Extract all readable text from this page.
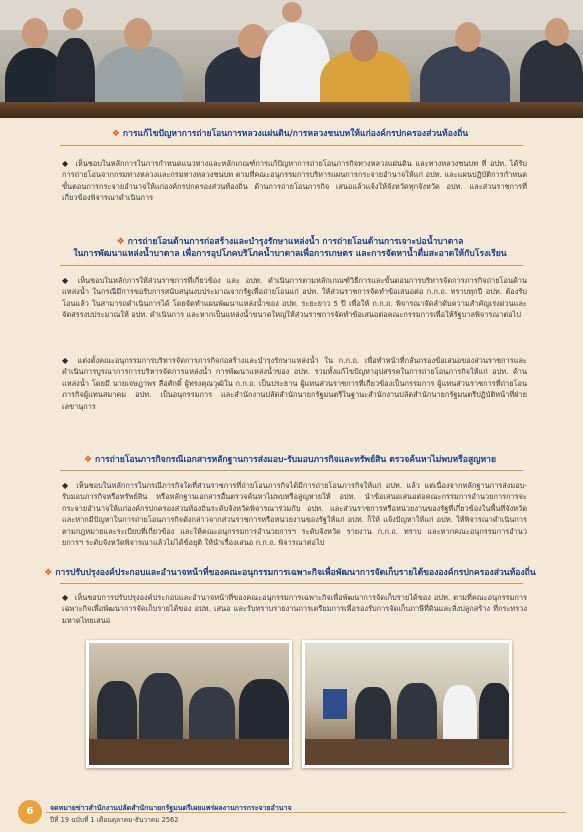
❖ การแก้ไขปัญหาการถ่ายโอนการหลวงแผ่นดิน/การหลวงชนบทให้แก่องค์กรปกครองส่วนท้องถิ่น
◆ เห็นชอบในหลักการในการกำหนดแนวทางและหลักเกณฑ์การแก้ปัญหาการถ่ายโอนภารกิจทางหลวงแผ่นดิน และทางหลวงชนบท ที่ อปท. ได้รับการถ่ายโอนจากกรมทางหลวงและกรมทางหลวงชนบท ตามที่คณะอนุกรรมการบริหารแผนการกระจายอำนาจให้แก่ อปท. และแผนปฏิบัติการกำหนดขั้นตอนการกระจายอำนาจให้แก่องค์กรปกครองส่วนท้องถิ่น ด้านการถ่ายโอนภารกิจ เสนอแล้วแจ้งให้จังหวัดทุกจังหวัด อปท. และส่วนราชการที่เกี่ยวข้องพิจารณาดำเนินการ
❖ การถ่ายโอนด้านการก่อสร้างและบำรุงรักษาแหล่งน้ำ การถ่ายโอนด้านการเจาะบ่อน้ำบาดาล
ในการพัฒนาแหล่งน้ำบาดาล เพื่อการอุปโภคบริโภคน้ำบาดาลเพื่อการเกษตร และการจัดหาน้ำดื่มสะอาดให้กับโรงเรียน
◆ เห็นชอบในหลักการให้ส่วนราชการที่เกี่ยวข้อง และ อปท. ดำเนินการตามหลักเกณฑ์วิธีการและขั้นตอนการบริหารจัดการภารกิจถ่ายโอนด้านแหล่งน้ำ ในกรณีมีการขอรับการสนับสนุนงบประมาณจากรัฐเพื่อถ่ายโอนแก่ อปท. ให้ส่วนราชการจัดทำข้อเสนอต่อ ก.ก.ถ. ทราบทุกปี อปท. ต้องรับโอนแล้ว ในสามารถดำเนินการได้ โดยจัดทำแผนพัฒนาแหล่งน้ำของ อปท. ระยะยาว 5 ปี เพื่อให้ ก.ก.ถ. พิจารณาจัดลำดับความสำคัญเร่งด่วนและจัดสรรงบประมาณให้ อปท. ดำเนินการ และหากเป็นแหล่งน้ำขนาดใหญ่ให้ส่วนราชการจัดทำข้อเสนอต่อคณะกรรมการเพื่อให้รัฐบาลพิจารณาต่อไป
◆ แต่งตั้งคณะอนุกรรมการบริหารจัดการภารกิจก่อสร้างและบำรุงรักษาแหล่งน้ำ ใน ก.ก.ถ. เพื่อทำหน้าที่กลั่นกรองข้อเสนอของส่วนราชการและดำเนินการบูรณาการการบริหารจัดการแหล่งน้ำ การพัฒนาแหล่งน้ำของ อปท. รวมทั้งแก้ไขปัญหาอุปสรรคในการถ่ายโอนภารกิจให้แก่ อปท. ด้านแหล่งน้ำ โดยมี นายเจษฎาพร ลือศักดิ์ ผู้ทรงคุณวุฒิใน ก.ก.ถ. เป็นประธาน ผู้แทนส่วนราชการที่เกี่ยวข้องเป็นกรรมการ ผู้แทนส่วนราชการที่ถ่ายโอนภารกิจผู้แทนสมาคม อปท. เป็นอนุกรรมการ และสำนักงานปลัดสำนักนายกรัฐมนตรีในฐานะสำนักงานปลัดสำนักนายกรัฐมนตรีปฏิบัติหน้าที่ฝ่ายเลขานุการ
❖ การถ่ายโอนภารกิจกรณีเอกสารหลักฐานการส่งมอบ-รับมอบภารกิจและทรัพย์สิน ตรวจค้นหาไม่พบหรือสูญหาย
◆ เห็นชอบในหลักการในกรณีภารกิจใดที่ส่วนราชการที่ถ่ายโอนภารกิจได้มีการถ่ายโอนภารกิจให้แก่ อปท. แล้ว แต่เนื่องจากหลักฐานการส่งมอบ-รับมอบภารกิจหรือทรัพย์สิน หรือหลักฐานเอกสารอื่นตรวจค้นหาไม่พบหรือสูญหายให้ อปท. นำข้อเสนอเสนอต่อคณะกรรมการอำนวยการการจะกระจายอำนาจให้แก่องค์กรปกครองส่วนท้องถิ่นระดับจังหวัดพิจารณาร่วมกับ อปท. และส่วนราชการหรือหน่วยงานของรัฐที่เกี่ยวข้องในพื้นที่จังหวัด และหากมีปัญหาในการถ่ายโอนภารกิจดังกล่าวจากส่วนราชการหรือหน่วยงานของรัฐให้แก่ อปท. ก็ให้ แจ้งปัญหาให้แก่ อปท. ให้พิจารณาดำเนินการตามกฎหมายและระเบียบที่เกี่ยวข้อง และให้คณะอนุกรรมการอำนวยการฯ ระดับจังหวัด รายงาน ก.ก.ถ. ทราบ และหากคณะอนุกรรมการอำนวยการฯ ระดับจังหวัดพิจารณาแล้วไม่ได้ข้อยุติ ให้นำเรื่องเสนอ ก.ก.ถ. พิจารณาต่อไป
❖ การปรับปรุงองค์ประกอบและอำนาจหน้าที่ของคณะอนุกรรมการเฉพาะกิจเพื่อพัฒนาการจัดเก็บรายได้ขององค์กรปกครองส่วนท้องถิ่น
◆ เห็นชอบการปรับปรุงองค์ประกอบและอำนาจหน้าที่ของคณะอนุกรรมการเฉพาะกิจเพื่อพัฒนาการจัดเก็บรายได้ของ อปท. ตามที่คณะอนุกรรมการเฉพาะกิจเพื่อพัฒนาการจัดเก็บรายได้ของ อปท. เสนอ และรับทราบรายงานการเตรียมการเพื่อรองรับการจัดเก็บภาษีที่ดินและสิ่งปลูกสร้าง ที่กระทรวงมหาดไทยเสนอ
6	จดหมายข่าวสำนักงานปลัดสำนักนายกรัฐมนตรีเผยแพร่ผลงานการกระจายอำนาจ
ปีที่ 19 ฉบับที่ 1 เดือนตุลาคม-ธันวาคม 2562
